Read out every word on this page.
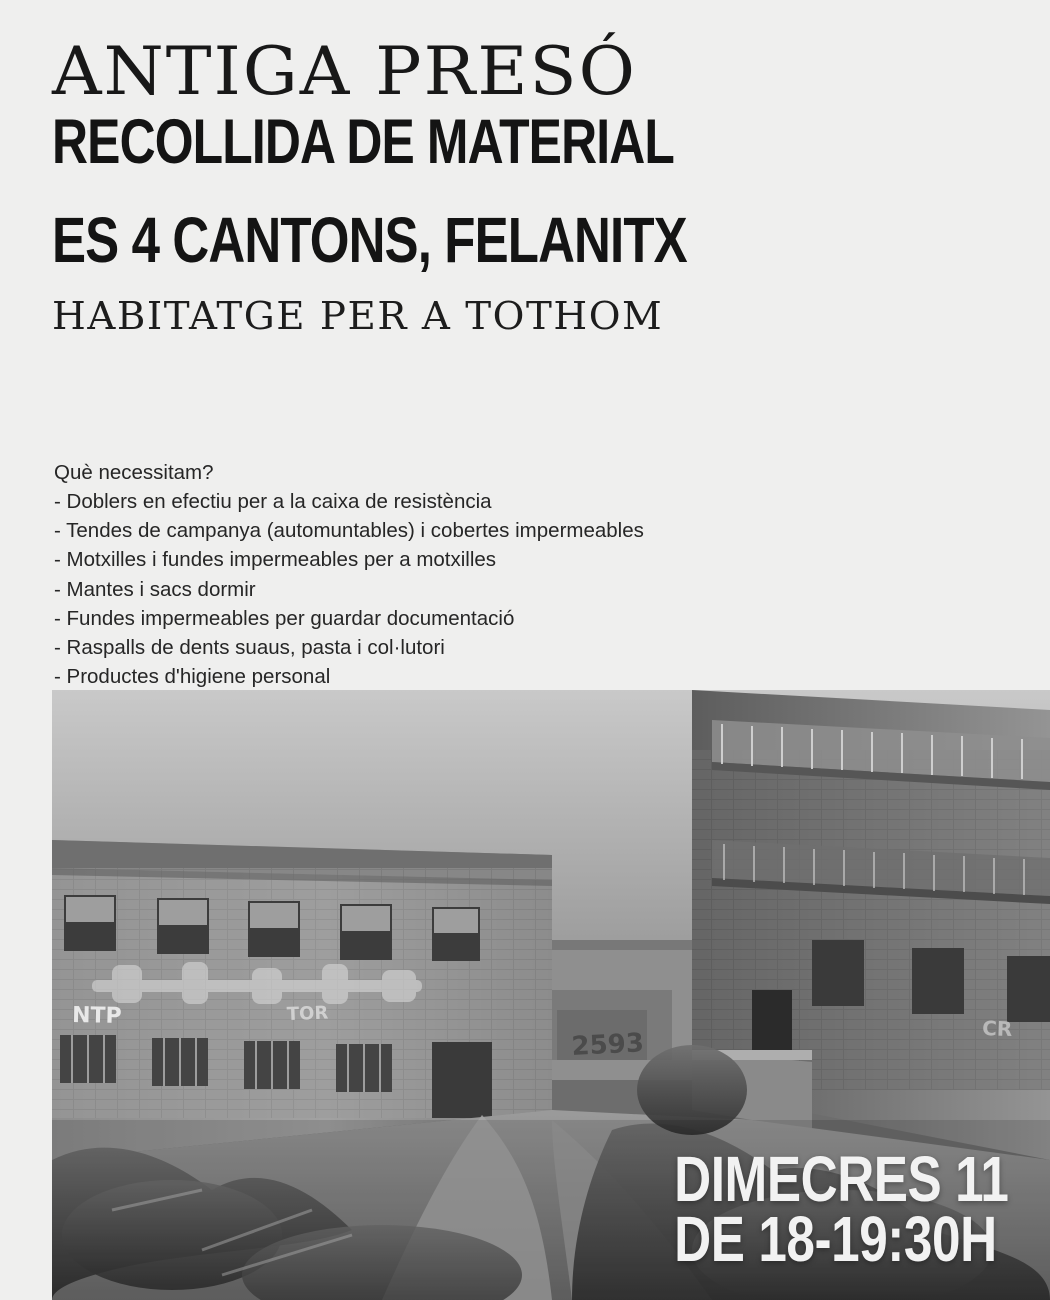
ANTIGA PRESÓ
RECOLLIDA DE MATERIAL
ES 4 CANTONS, FELANITX
HABITATGE PER A TOTHOM

Què necessitam?

- Doblers en efectiu per a la caixa de resistència
- Tendes de campanya (automuntables) i cobertes impermeables
- Motxilles i fundes impermeables per a motxilles
- Mantes i sacs dormir
- Fundes impermeables per guardar documentació
- Raspalls de dents suaus, pasta i col·lutori
- Productes d'higiene personal
2593
NTP	TOR
CR
DIMECRES 11
DE 18-19:30H
